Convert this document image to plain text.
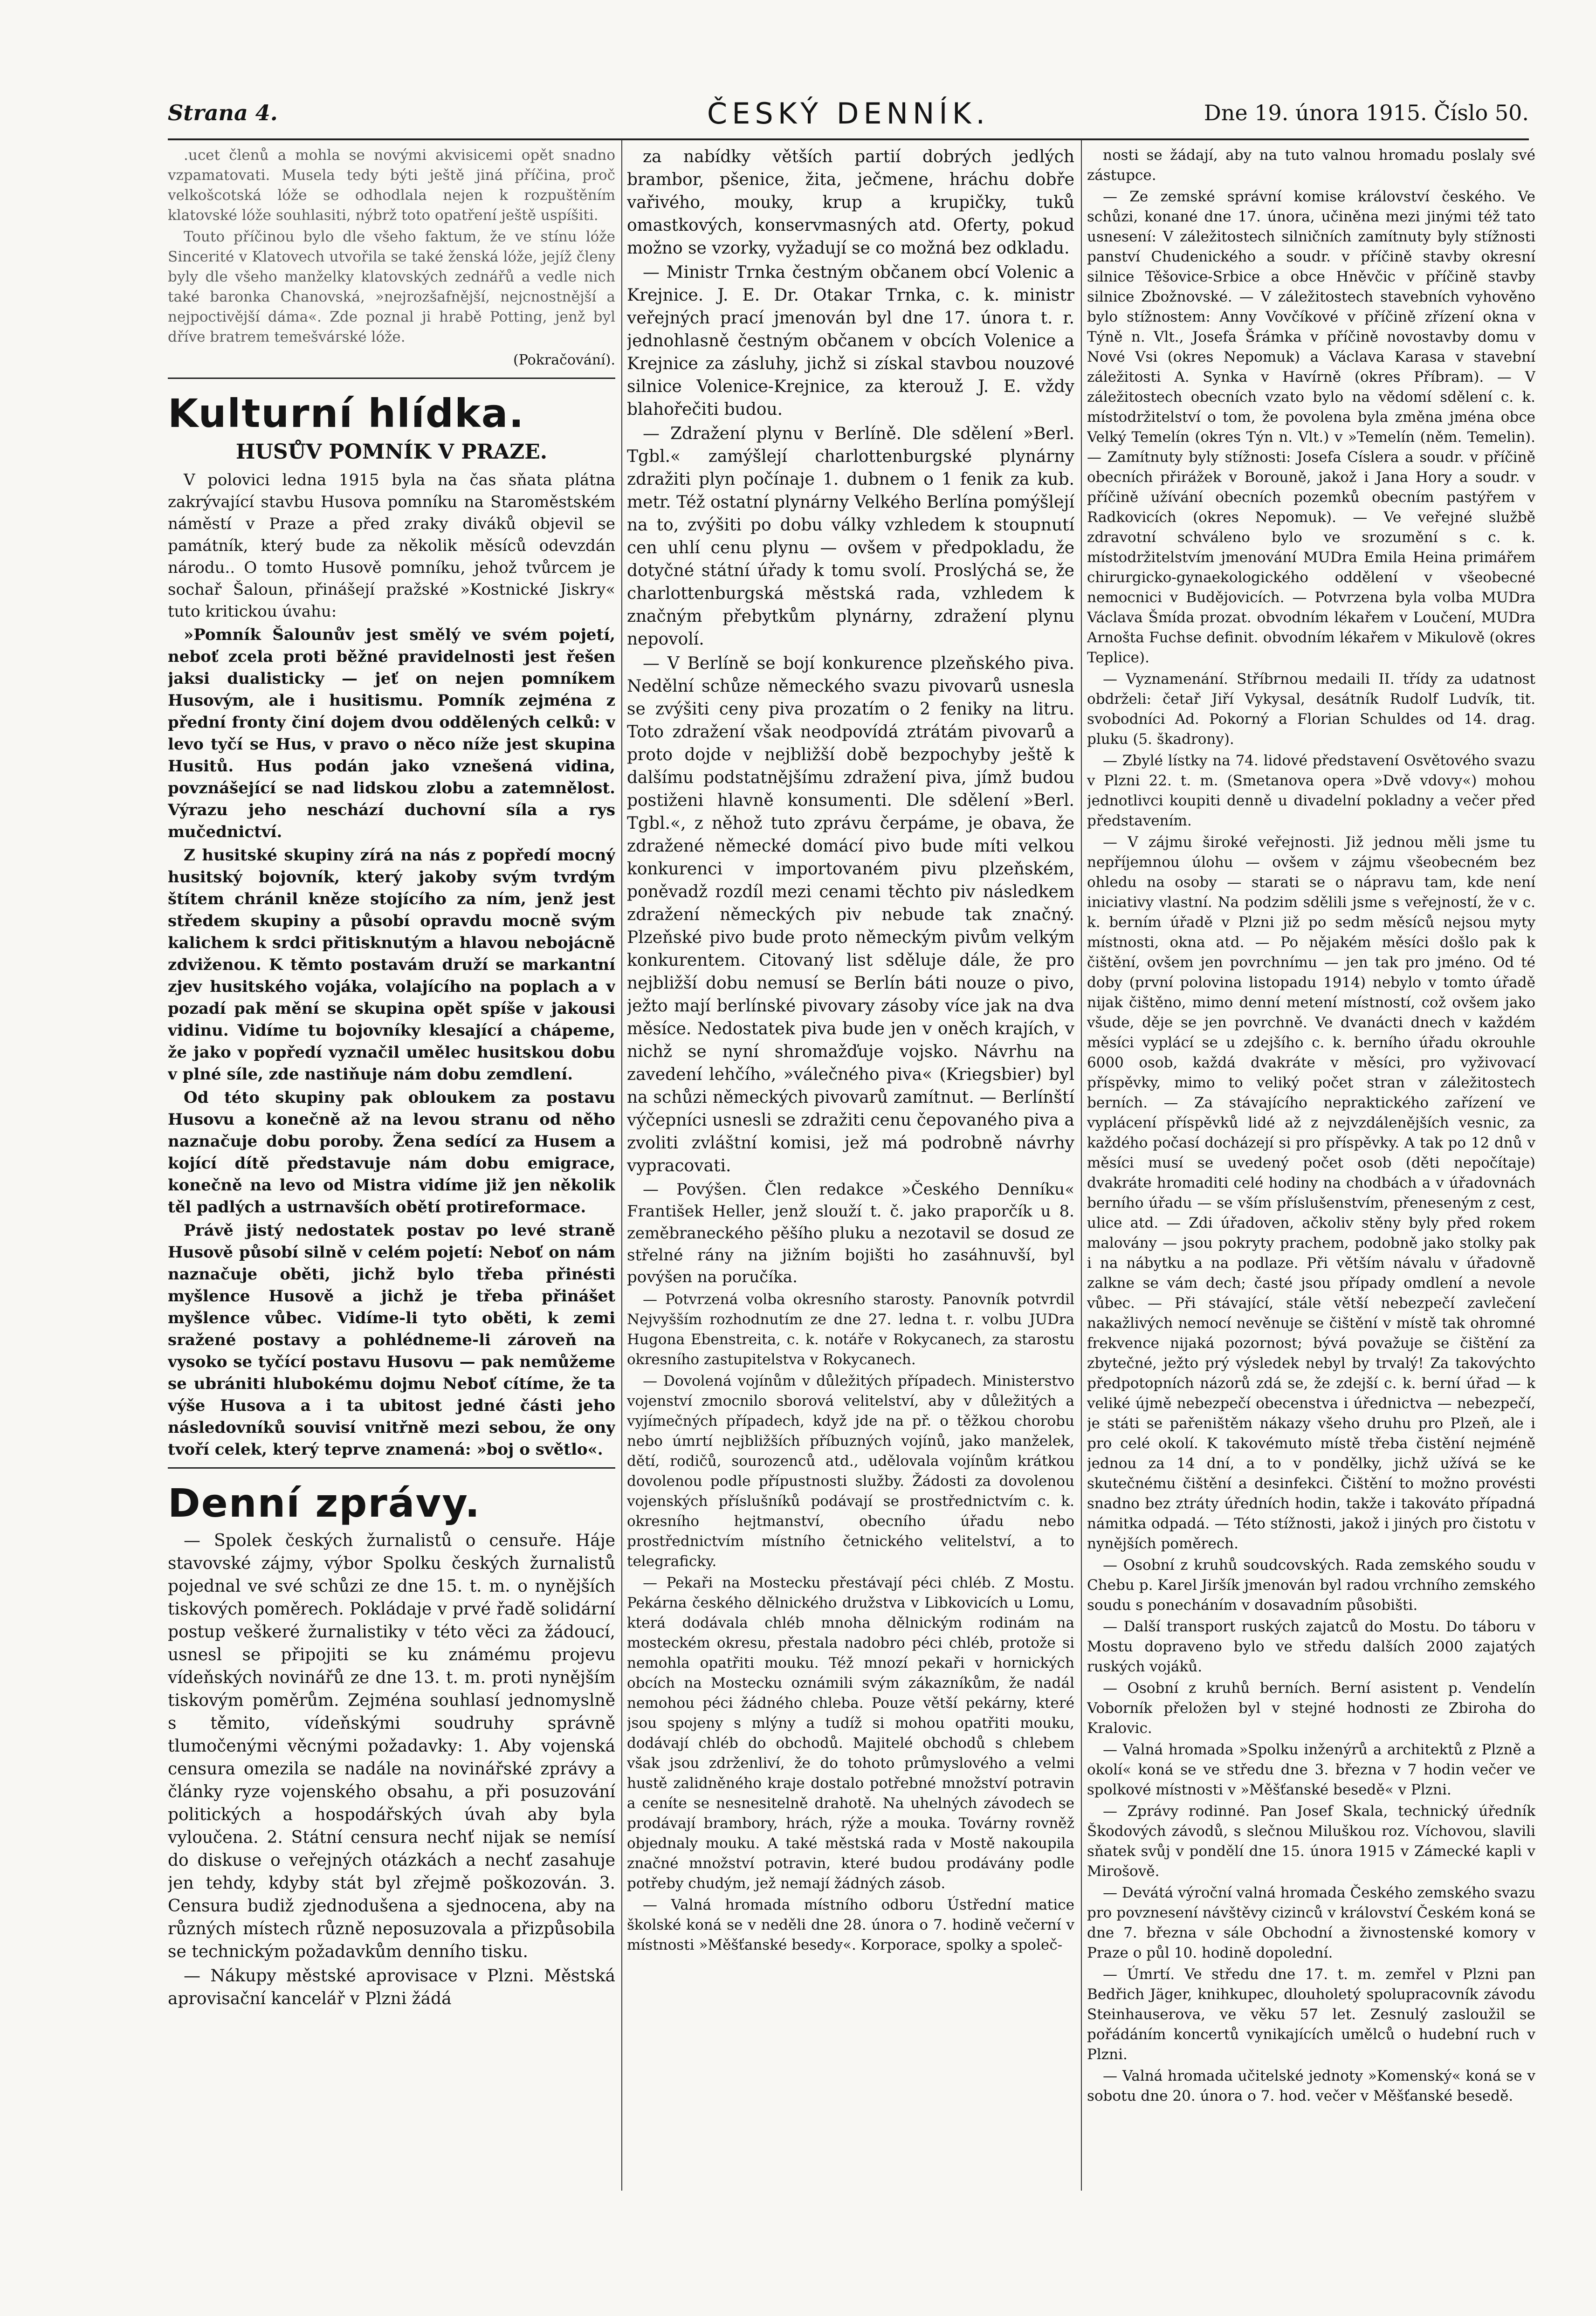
Strana 4.	ČESKÝ DENNÍK.	Dne 19. února 1915. Číslo 50.

.ucet členů a mohla se novými akvisicemi opět snadno vzpamatovati. Musela tedy býti ještě jiná příčina, proč velkošcotská lóže se odhodlala nejen k rozpuštěním klatovské lóže souhlasiti, nýbrž toto opatření ještě uspíšiti.

Touto příčinou bylo dle všeho faktum, že ve stínu lóže Sincerité v Klatovech utvořila se také ženská lóže, jejíž členy byly dle všeho manželky klatovských zednářů a vedle nich také baronka Chanovská, »nejrozšafnější, nejcnostnější a nejpoctivější dáma«. Zde poznal ji hrabě Potting, jenž byl dříve bratrem temešvárské lóže.

(Pokračování).
Kulturní hlídka.
HUSŮV POMNÍK V PRAZE.

V polovici ledna 1915 byla na čas sňata plátna zakrývající stavbu Husova pomníku na Staroměstském náměstí v Praze a před zraky diváků objevil se památník, který bude za několik měsíců odevzdán národu.. O tomto Husově pomníku, jehož tvůrcem je sochař Šaloun, přinášejí pražské »Kostnické Jiskry« tuto kritickou úvahu:

»Pomník Šalounův jest smělý ve svém pojetí, neboť zcela proti běžné pravidelnosti jest řešen jaksi dualisticky — jeť on nejen pomníkem Husovým, ale i husitismu. Pomník zejména z přední fronty činí dojem dvou oddělených celků: v levo tyčí se Hus, v pravo o něco níže jest skupina Husitů. Hus podán jako vznešená vidina, povznášející se nad lidskou zlobu a zatemnělost. Výrazu jeho neschází duchovní síla a rys mučednictví.

Z husitské skupiny zírá na nás z popředí mocný husitský bojovník, který jakoby svým tvrdým štítem chránil kněze stojícího za ním, jenž jest středem skupiny a působí opravdu mocně svým kalichem k srdci přitisknutým a hlavou nebojácně zdviženou. K těmto postavám druží se markantní zjev husitského vojáka, volajícího na poplach a v pozadí pak mění se skupina opět spíše v jakousi vidinu. Vidíme tu bojovníky klesající a chápeme, že jako v popředí vyznačil umělec husitskou dobu v plné síle, zde nastiňuje nám dobu zemdlení.

Od této skupiny pak obloukem za postavu Husovu a konečně až na levou stranu od něho naznačuje dobu poroby. Žena sedící za Husem a kojící dítě představuje nám dobu emigrace, konečně na levo od Mistra vidíme již jen několik těl padlých a ustrnavších obětí protireformace.

Právě jistý nedostatek postav po levé straně Husově působí silně v celém pojetí: Neboť on nám naznačuje oběti, jichž bylo třeba přinésti myšlence Husově a jichž je třeba přinášet myšlence vůbec. Vidíme-li tyto oběti, k zemi sražené postavy a pohlédneme-li zároveň na vysoko se tyčící postavu Husovu — pak nemůžeme se ubrániti hlubokému dojmu Neboť cítíme, že ta výše Husova a i ta ubitost jedné části jeho následovníků souvisí vnitřně mezi sebou, že ony tvoří celek, který teprve znamená: »boj o světlo«.

Denní zprávy.

— Spolek českých žurnalistů o censuře. Háje stavovské zájmy, výbor Spolku českých žurnalistů pojednal ve své schůzi ze dne 15. t. m. o nynějších tiskových poměrech. Pokládaje v prvé řadě solidární postup veškeré žurnalistiky v této věci za žádoucí, usnesl se připojiti se ku známému projevu vídeňských novinářů ze dne 13. t. m. proti nynějším tiskovým poměrům. Zejména souhlasí jednomyslně s těmito, vídeňskými soudruhy správně tlumočenými věcnými požadavky: 1. Aby vojenská censura omezila se nadále na novinářské zprávy a články ryze vojenského obsahu, a při posuzování politických a hospodářských úvah aby byla vyloučena. 2. Státní censura nechť nijak se nemísí do diskuse o veřejných otázkách a nechť zasahuje jen tehdy, kdyby stát byl zřejmě poškozován. 3. Censura budiž zjednodušena a sjednocena, aby na různých místech různě neposuzovala a přizpůsobila se technickým požadavkům denního tisku.

— Nákupy městské aprovisace v Plzni. Městská aprovisační kancelář v Plzni žádá

za nabídky větších partií dobrých jedlých brambor, pšenice, žita, ječmene, hráchu dobře vařivého, mouky, krup a krupičky, tuků omastkových, konservmasných atd. Oferty, pokud možno se vzorky, vyžadují se co možná bez odkladu.

— Ministr Trnka čestným občanem obcí Volenic a Krejnice. J. E. Dr. Otakar Trnka, c. k. ministr veřejných prací jmenován byl dne 17. února t. r. jednohlasně čestným občanem v obcích Volenice a Krejnice za zásluhy, jichž si získal stavbou nouzové silnice Volenice-Krejnice, za kterouž J. E. vždy blahořečiti budou.

— Zdražení plynu v Berlíně. Dle sdělení »Berl. Tgbl.« zamýšlejí charlottenburgské plynárny zdražiti plyn počínaje 1. dubnem o 1 fenik za kub. metr. Též ostatní plynárny Velkého Berlína pomýšlejí na to, zvýšiti po dobu války vzhledem k stoupnutí cen uhlí cenu plynu — ovšem v předpokladu, že dotyčné státní úřady k tomu svolí. Proslýchá se, že charlottenburgská městská rada, vzhledem k značným přebytkům plynárny, zdražení plynu nepovolí.

— V Berlíně se bojí konkurence plzeňského piva. Nedělní schůze německého svazu pivovarů usnesla se zvýšiti ceny piva prozatím o 2 feniky na litru. Toto zdražení však neodpovídá ztrátám pivovarů a proto dojde v nejbližší době bezpochyby ještě k dalšímu podstatnějšímu zdražení piva, jímž budou postiženi hlavně konsumenti. Dle sdělení »Berl. Tgbl.«, z něhož tuto zprávu čerpáme, je obava, že zdražené německé domácí pivo bude míti velkou konkurenci v importovaném pivu plzeňském, poněvadž rozdíl mezi cenami těchto piv následkem zdražení německých piv nebude tak značný. Plzeňské pivo bude proto německým pivům velkým konkurentem. Citovaný list sděluje dále, že pro nejbližší dobu nemusí se Berlín báti nouze o pivo, ježto mají berlínské pivovary zásoby více jak na dva měsíce. Nedostatek piva bude jen v oněch krajích, v nichž se nyní shromažďuje vojsko. Návrhu na zavedení lehčího, »válečného piva« (Kriegsbier) byl na schůzi německých pivovarů zamítnut. — Berlínští výčepníci usnesli se zdražiti cenu čepovaného piva a zvoliti zvláštní komisi, jež má podrobně návrhy vypracovati.

— Povýšen. Člen redakce »Českého Denníku« František Heller, jenž slouží t. č. jako praporčík u 8. zeměbraneckého pěšího pluku a nezotavil se dosud ze střelné rány na jižním bojišti ho zasáhnuvší, byl povýšen na poručíka.

— Potvrzená volba okresního starosty. Panovník potvrdil Nejvyšším rozhodnutím ze dne 27. ledna t. r. volbu JUDra Hugona Ebenstreita, c. k. notáře v Rokycanech, za starostu okresního zastupitelstva v Rokycanech.

— Dovolená vojínům v důležitých případech. Ministerstvo vojenství zmocnilo sborová velitelství, aby v důležitých a vyjímečných případech, když jde na př. o těžkou chorobu nebo úmrtí nejbližších příbuzných vojínů, jako manželek, dětí, rodičů, sourozenců atd., udělovala vojínům krátkou dovolenou podle přípustnosti služby. Žádosti za dovolenou vojenských příslušníků podávají se prostřednictvím c. k. okresního hejtmanství, obecního úřadu nebo prostřednictvím místního četnického velitelství, a to telegraficky.

— Pekaři na Mostecku přestávají péci chléb. Z Mostu. Pekárna českého dělnického družstva v Libkovicích u Lomu, která dodávala chléb mnoha dělnickým rodinám na mosteckém okresu, přestala nadobro péci chléb, protože si nemohla opatřiti mouku. Též mnozí pekaři v hornických obcích na Mostecku oznámili svým zákazníkům, že nadál nemohou péci žádného chleba. Pouze větší pekárny, které jsou spojeny s mlýny a tudíž si mohou opatřiti mouku, dodávají chléb do obchodů. Majitelé obchodů s chlebem však jsou zdrženliví, že do tohoto průmyslového a velmi hustě zalidněného kraje dostalo potřebné množství potravin a ceníte se nesnesitelně drahotě. Na uhelných závodech se prodávají brambory, hrách, rýže a mouka. Továrny rovněž objednaly mouku. A také městská rada v Mostě nakoupila značné množství potravin, které budou prodávány podle potřeby chudým, jež nemají žádných zásob.

— Valná hromada místního odboru Ústřední matice školské koná se v neděli dne 28. února o 7. hodině večerní v místnosti »Měšťanské besedy«. Korporace, spolky a společ-

nosti se žádají, aby na tuto valnou hromadu poslaly své zástupce.

— Ze zemské správní komise království českého. Ve schůzi, konané dne 17. února, učiněna mezi jinými též tato usnesení: V záležitostech silničních zamítnuty byly stížnosti panství Chudenického a soudr. v příčině stavby okresní silnice Těšovice-Srbice a obce Hněvčic v příčině stavby silnice Zbožnovské. — V záležitostech stavebních vyhověno bylo stížnostem: Anny Vovčíkové v příčině zřízení okna v Týně n. Vlt., Josefa Šrámka v příčině novostavby domu v Nové Vsi (okres Nepomuk) a Václava Karasa v stavební záležitosti A. Synka v Havírně (okres Příbram). — V záležitostech obecních vzato bylo na vědomí sdělení c. k. místodržitelství o tom, že povolena byla změna jména obce Velký Temelín (okres Týn n. Vlt.) v »Temelín (něm. Temelin). — Zamítnuty byly stížnosti: Josefa Císlera a soudr. v příčině obecních přirážek v Borouně, jakož i Jana Hory a soudr. v příčině užívání obecních pozemků obecním pastýřem v Radkovicích (okres Nepomuk). — Ve veřejné službě zdravotní schváleno bylo ve srozumění s c. k. místodržitelstvím jmenování MUDra Emila Heina primářem chirurgicko-gynaekologického oddělení v všeobecné nemocnici v Budějovicích. — Potvrzena byla volba MUDra Václava Šmída prozat. obvodním lékařem v Loučení, MUDra Arnošta Fuchse definit. obvodním lékařem v Mikulově (okres Teplice).

— Vyznamenání. Stříbrnou medaili II. třídy za udatnost obdrželi: četař Jiří Vykysal, desátník Rudolf Ludvík, tit. svobodníci Ad. Pokorný a Florian Schuldes od 14. drag. pluku (5. škadrony).

— Zbylé lístky na 74. lidové představení Osvětového svazu v Plzni 22. t. m. (Smetanova opera »Dvě vdovy«) mohou jednotlivci koupiti denně u divadelní pokladny a večer před představením.

— V zájmu široké veřejnosti. Již jednou měli jsme tu nepříjemnou úlohu — ovšem v zájmu všeobecném bez ohledu na osoby — starati se o nápravu tam, kde není iniciativy vlastní. Na podzim sdělili jsme s veřejností, že v c. k. berním úřadě v Plzni již po sedm měsíců nejsou myty místnosti, okna atd. — Po nějakém měsíci došlo pak k čištění, ovšem jen povrchnímu — jen tak pro jméno. Od té doby (první polovina listopadu 1914) nebylo v tomto úřadě nijak čištěno, mimo denní metení místností, což ovšem jako všude, děje se jen povrchně. Ve dvanácti dnech v každém měsíci vyplácí se u zdejšího c. k. berního úřadu okrouhle 6000 osob, každá dvakráte v měsíci, pro vyživovací příspěvky, mimo to veliký počet stran v záležitostech berních. — Za stávajícího nepraktického zařízení ve vyplácení příspěvků lidé až z nejvzdálenějších vesnic, za každého počasí docházejí si pro příspěvky. A tak po 12 dnů v měsíci musí se uvedený počet osob (děti nepočítaje) dvakráte hromaditi celé hodiny na chodbách a v úřadovnách berního úřadu — se vším příslušenstvím, přeneseným z cest, ulice atd. — Zdi úřadoven, ačkoliv stěny byly před rokem malovány — jsou pokryty prachem, podobně jako stolky pak i na nábytku a na podlaze. Při větším návalu v úřadovně zalkne se vám dech; časté jsou případy omdlení a nevole vůbec. — Při stávající, stále větší nebezpečí zavlečení nakažlivých nemocí nevěnuje se čištění v místě tak ohromné frekvence nijaká pozornost; bývá považuje se čištění za zbytečné, ježto prý výsledek nebyl by trvalý! Za takovýchto předpotopních názorů zdá se, že zdejší c. k. berní úřad — k veliké újmě nebezpečí obecenstva i úřednictva — nebezpečí, je státi se pařeništěm nákazy všeho druhu pro Plzeň, ale i pro celé okolí. K takovémuto místě třeba čistění nejméně jednou za 14 dní, a to v pondělky, jichž užívá se ke skutečnému čištění a desinfekci. Čištění to možno provésti snadno bez ztráty úředních hodin, takže i takováto případná námitka odpadá. — Této stížnosti, jakož i jiných pro čistotu v nynějších poměrech.

— Osobní z kruhů soudcovských. Rada zemského soudu v Chebu p. Karel Jiršík jmenován byl radou vrchního zemského soudu s ponecháním v dosavadním působišti.

— Další transport ruských zajatců do Mostu. Do táboru v Mostu dopraveno bylo ve středu dalších 2000 zajatých ruských vojáků.

— Osobní z kruhů berních. Berní asistent p. Vendelín Voborník přeložen byl v stejné hodnosti ze Zbiroha do Kralovic.

— Valná hromada »Spolku inženýrů a architektů z Plzně a okolí« koná se ve středu dne 3. března v 7 hodin večer ve spolkové místnosti v »Měšťanské besedě« v Plzni.

— Zprávy rodinné. Pan Josef Skala, technický úředník Škodových závodů, s slečnou Miluškou roz. Víchovou, slavili sňatek svůj v pondělí dne 15. února 1915 v Zámecké kapli v Mirošově.

— Devátá výroční valná hromada Českého zemského svazu pro povznesení návštěvy cizinců v království Českém koná se dne 7. března v sále Obchodní a živnostenské komory v Praze o půl 10. hodině dopolední.

— Úmrtí. Ve středu dne 17. t. m. zemřel v Plzni pan Bedřich Jäger, knihkupec, dlouholetý spolupracovník závodu Steinhauserova, ve věku 57 let. Zesnulý zasloužil se pořádáním koncertů vynikajících umělců o hudební ruch v Plzni.

— Valná hromada učitelské jednoty »Komenský« koná se v sobotu dne 20. února o 7. hod. večer v Měšťanské besedě.
